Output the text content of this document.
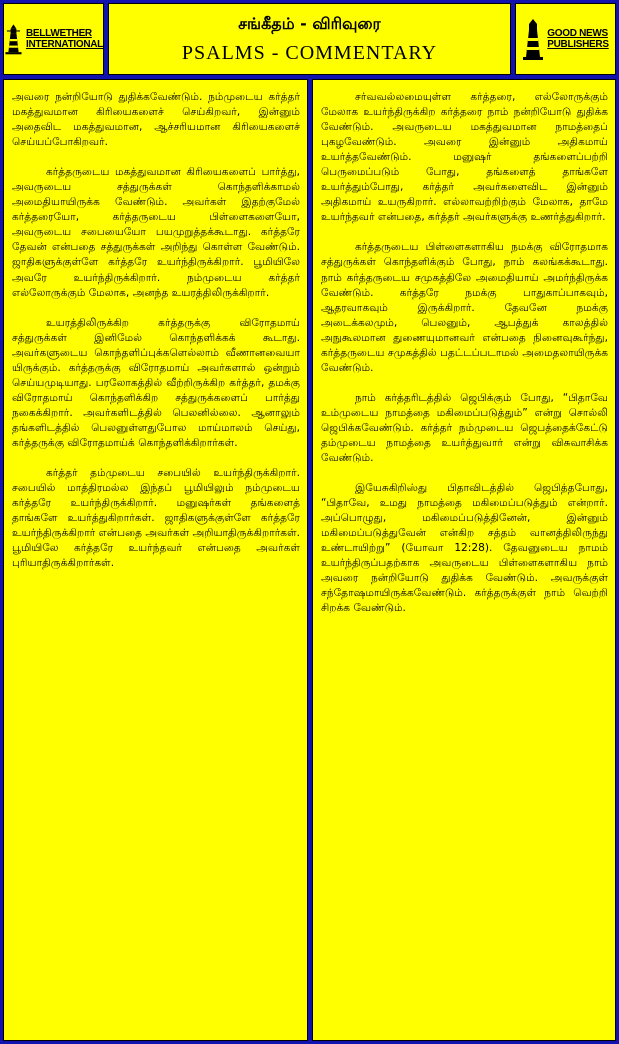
BELLWETHER
INTERNATIONAL
சங்கீதம் - விரிவுரை
PSALMS - COMMENTARY
GOOD NEWS
PUBLISHERS

அவரை நன்றியோடு துதிக்கவேண்டும். நம்முடைய கர்த்தர் மகத்துவமான கிரியைகளைச் செய்கிறவர், இன்னும் அதைவிட மகத்துவமான, ஆச்சரியமான கிரியைகளைச் செய்யப்போகிறவர்.

கர்த்தருடைய மகத்துவமான கிரியைகளைப் பார்த்து, அவருடைய சத்துருக்கள் கொந்தளிக்காமல் அமைதியாயிருக்க வேண்டும். அவர்கள் இதற்குமேல் கர்த்தரையோ, கர்த்தருடைய பிள்ளைகளையோ, அவருடைய சபையையோ பயமுறுத்தக்கூடாது. கர்த்தரே தேவன் என்பதை சத்துருக்கள் அறிந்து கொள்ள வேண்டும். ஜாதிகளுக்குள்ளே கர்த்தரே உயர்ந்திருக்கிறார். பூமியிலே அவரே உயர்ந்திருக்கிறார். நம்முடைய கர்த்தர் எல்லோருக்கும் மேலாக, அனந்த உயரத்திலிருக்கிறார்.

உயரத்திலிருக்கிற கர்த்தருக்கு விரோதமாய் சத்துருக்கள் இனிமேல் கொந்தளிக்கக் கூடாது. அவர்களுடைய கொந்தளிப்புக்களெல்லாம் வீணானவையா யிருக்கும். கர்த்தருக்கு விரோதமாய் அவர்களால் ஒன்றும் செய்யமுடியாது. பரலோகத்தில் வீற்றிருக்கிற கர்த்தர், தமக்கு விரோதமாய் கொந்தளிக்கிற சத்துருக்களைப் பார்த்து நகைக்கிறார். அவர்களிடத்தில் பெலனில்லை. ஆனாலும் தங்களிடத்தில் பெலனுள்ளதுபோல மாய்மாலம் செய்து, கர்த்தருக்கு விரோதமாய்க் கொந்தளிக்கிறார்கள்.

கர்த்தர் தம்முடைய சபையில் உயர்ந்திருக்கிறார். சபையில் மாத்திரமல்ல இந்தப் பூமியிலும் நம்முடைய கர்த்தரே உயர்ந்திருக்கிறார். மனுஷர்கள் தங்களைத் தாங்களே உயர்த்துகிறார்கள். ஜாதிகளுக்குள்ளே கர்த்தரே உயர்ந்திருக்கிறார் என்பதை அவர்கள் அறியாதிருக்கிறார்கள். பூமியிலே கர்த்தரே உயர்ந்தவர் என்பதை அவர்கள் புரியாதிருக்கிறார்கள்.

சர்வவல்லமையுள்ள கர்த்தரை, எல்லோருக்கும் மேலாக உயர்ந்திருக்கிற கர்த்தரை நாம் நன்றியோடு துதிக்க வேண்டும். அவருடைய மகத்துவமான நாமத்தைப் புகழவேண்டும். அவரை இன்னும் அதிகமாய் உயர்த்தவேண்டும். மனுஷர் தங்களைப்பற்றி பெருமைப்படும் போது, தங்களைத் தாங்களே உயர்த்தும்போது, கர்த்தர் அவர்களைவிட இன்னும் அதிகமாய் உயருகிறார். எல்லாவற்றிற்கும் மேலாக, தாமே உயர்ந்தவர் என்பதை, கர்த்தர் அவர்களுக்கு உணர்த்துகிறார்.

கர்த்தருடைய பிள்ளைகளாகிய நமக்கு விரோதமாக சத்துருக்கள் கொந்தளிக்கும் போது, நாம் கலங்கக்கூடாது. நாம் கர்த்தருடைய சமுகத்திலே அமைதியாய் அமர்ந்திருக்க வேண்டும். கர்த்தரே நமக்கு பாதுகாப்பாகவும், ஆதரவாகவும் இருக்கிறார். தேவனே நமக்கு அடைக்கலமும், பெலனும், ஆபத்துக் காலத்தில் அநுகூலமான துணையுமானவர் என்பதை நினைவுகூர்ந்து, கர்த்தருடைய சமுகத்தில் பதட்டப்படாமல் அமைதலாயிருக்க வேண்டும்.

நாம் கர்த்தரிடத்தில் ஜெபிக்கும் போது, “பிதாவே உம்முடைய நாமத்தை மகிமைப்படுத்தும்” என்று சொல்லி ஜெபிக்கவேண்டும். கர்த்தர் நம்முடைய ஜெபத்தைக்கேட்டு தம்முடைய நாமத்தை உயர்த்துவார் என்று விசுவாசிக்க வேண்டும்.

இயேசுகிறிஸ்து பிதாவிடத்தில் ஜெபித்தபோது, “பிதாவே, உமது நாமத்தை மகிமைப்படுத்தும் என்றார். அப்பொழுது, மகிமைப்படுத்தினேன், இன்னும் மகிமைப்படுத்துவேன் என்கிற சத்தம் வானத்திலிருந்து உண்டாயிற்று” (யோவா 12:28). தேவனுடைய நாமம் உயர்ந்திருப்பதற்காக அவருடைய பிள்ளைகளாகிய நாம் அவரை நன்றியோடு துதிக்க வேண்டும். அவருக்குள் சந்தோஷமாயிருக்கவேண்டும். கர்த்தருக்குள் நாம் வெற்றி சிறக்க வேண்டும்.
